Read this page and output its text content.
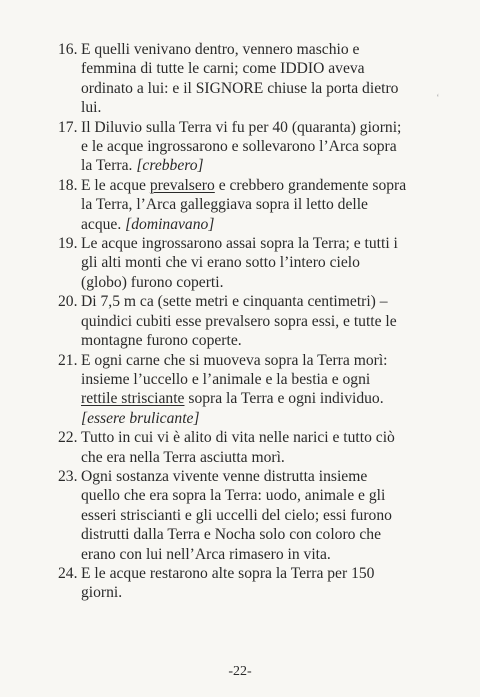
16. E quelli venivano dentro, vennero maschio e femmina di tutte le carni; come IDDIO aveva ordinato a lui: e il SIGNORE chiuse la porta dietro lui.
17. Il Diluvio sulla Terra vi fu per 40 (quaranta) giorni; e le acque ingrossarono e sollevarono l’Arca sopra la Terra. [crebbero]
18. E le acque prevalsero e crebbero grandemente sopra la Terra, l’Arca galleggiava sopra il letto delle acque. [dominavano]
19. Le acque ingrossarono assai sopra la Terra; e tutti i gli alti monti che vi erano sotto l’intero cielo (globo) furono coperti.
20. Di 7,5 m ca (sette metri e cinquanta centimetri) – quindici cubiti esse prevalsero sopra essi, e tutte le montagne furono coperte.
21. E ogni carne che si muoveva sopra la Terra morì: insieme l’uccello e l’animale e la bestia e ogni rettile strisciante sopra la Terra e ogni individuo. [essere brulicante]
22. Tutto in cui vi è alito di vita nelle narici e tutto ciò che era nella Terra asciutta morì.
23. Ogni sostanza vivente venne distrutta insieme quello che era sopra la Terra: uodo, animale e gli esseri striscianti e gli uccelli del cielo; essi furono distrutti dalla Terra e Nocha solo con coloro che erano con lui nell’Arca rimasero in vita.
24. E le acque restarono alte sopra la Terra per 150 giorni.
-22-
ʻ
